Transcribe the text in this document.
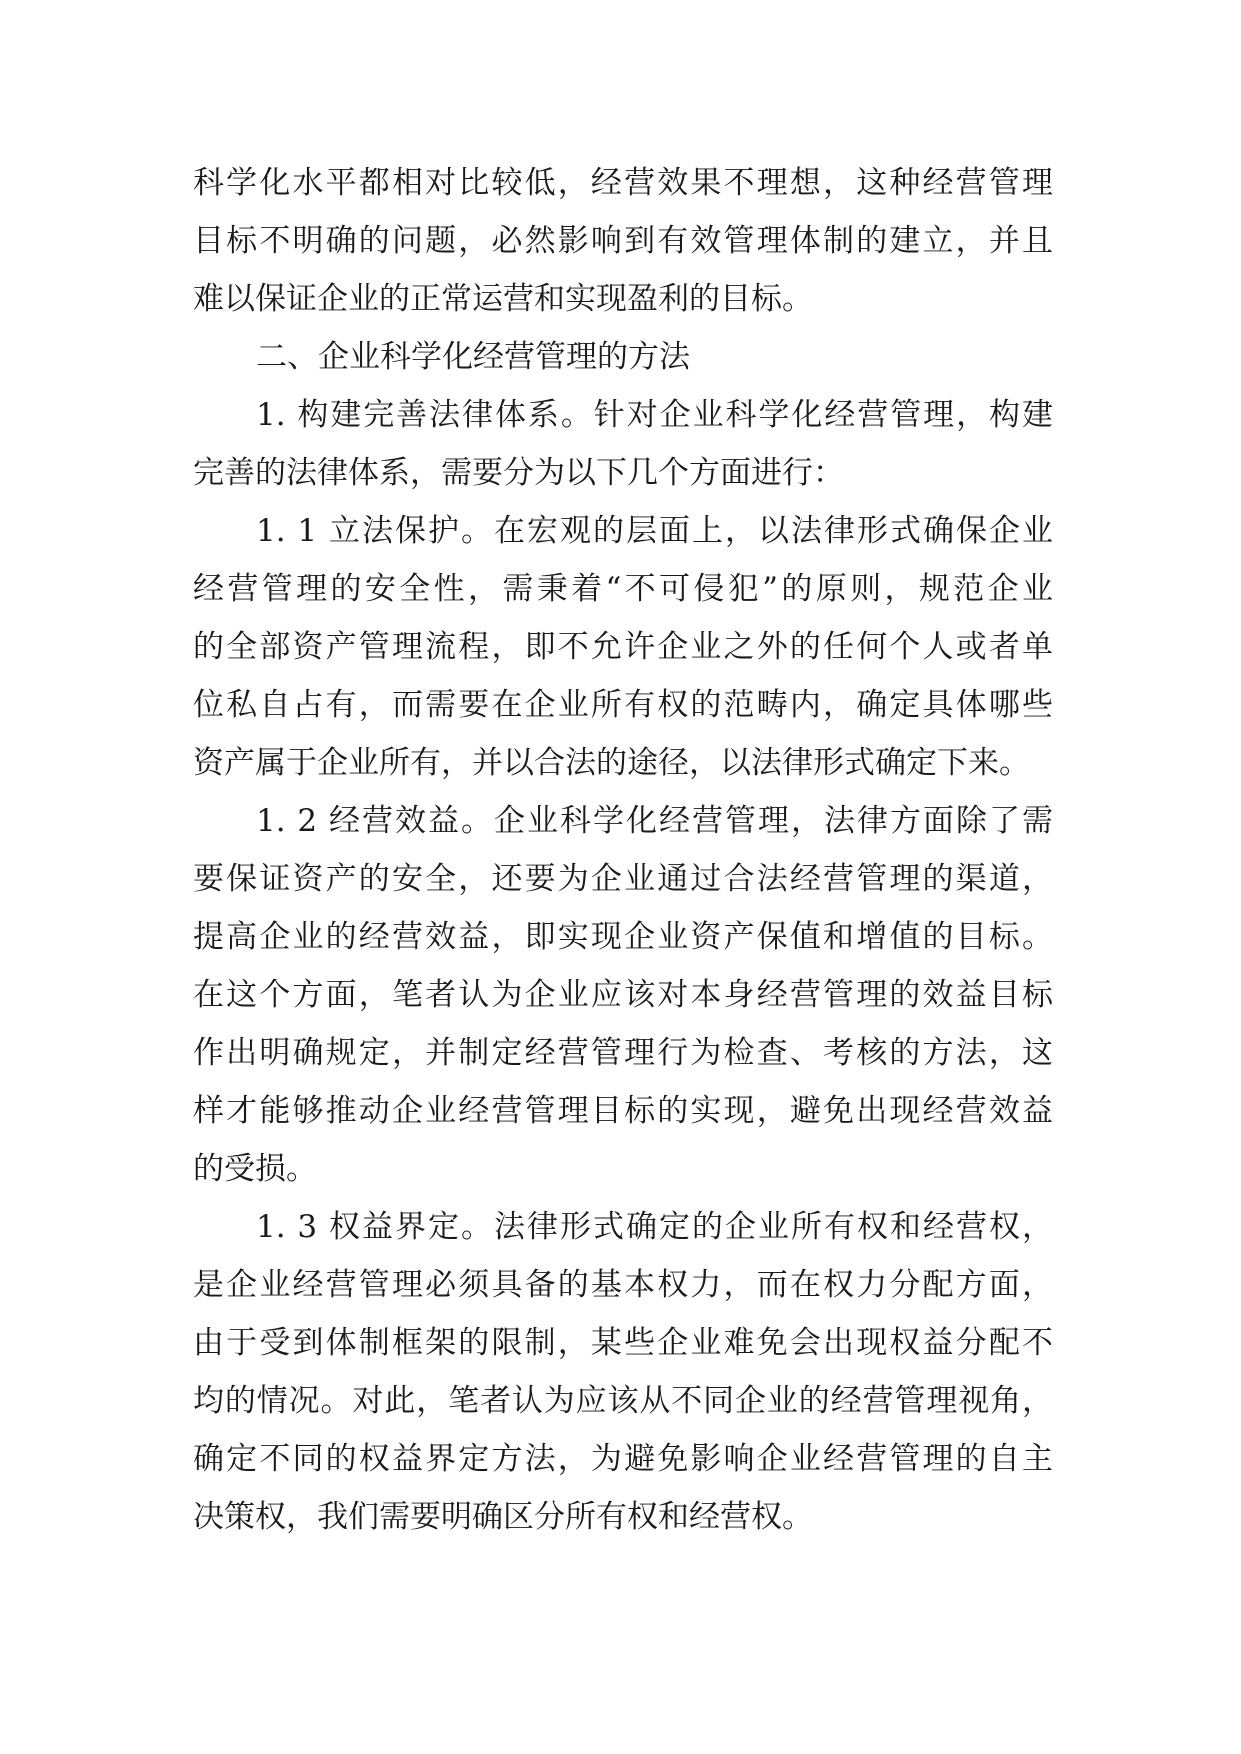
科学化水平都相对比较低，经营效果不理想，这种经营管理
目标不明确的问题，必然影响到有效管理体制的建立，并且
难以保证企业的正常运营和实现盈利的目标。
二、企业科学化经营管理的方法
1. 构建完善法律体系。针对企业科学化经营管理，构建
完善的法律体系，需要分为以下几个方面进行：
1. 1 立法保护。在宏观的层面上，以法律形式确保企业
经营管理的安全性，需秉着“不可侵犯”的原则，规范企业
的全部资产管理流程，即不允许企业之外的任何个人或者单
位私自占有，而需要在企业所有权的范畴内，确定具体哪些
资产属于企业所有，并以合法的途径，以法律形式确定下来。
1. 2 经营效益。企业科学化经营管理，法律方面除了需
要保证资产的安全，还要为企业通过合法经营管理的渠道，
提高企业的经营效益，即实现企业资产保值和增值的目标。
在这个方面，笔者认为企业应该对本身经营管理的效益目标
作出明确规定，并制定经营管理行为检查、考核的方法，这
样才能够推动企业经营管理目标的实现，避免出现经营效益
的受损。
1. 3 权益界定。法律形式确定的企业所有权和经营权，
是企业经营管理必须具备的基本权力，而在权力分配方面，
由于受到体制框架的限制，某些企业难免会出现权益分配不
均的情况。对此，笔者认为应该从不同企业的经营管理视角，
确定不同的权益界定方法，为避免影响企业经营管理的自主
决策权，我们需要明确区分所有权和经营权。
